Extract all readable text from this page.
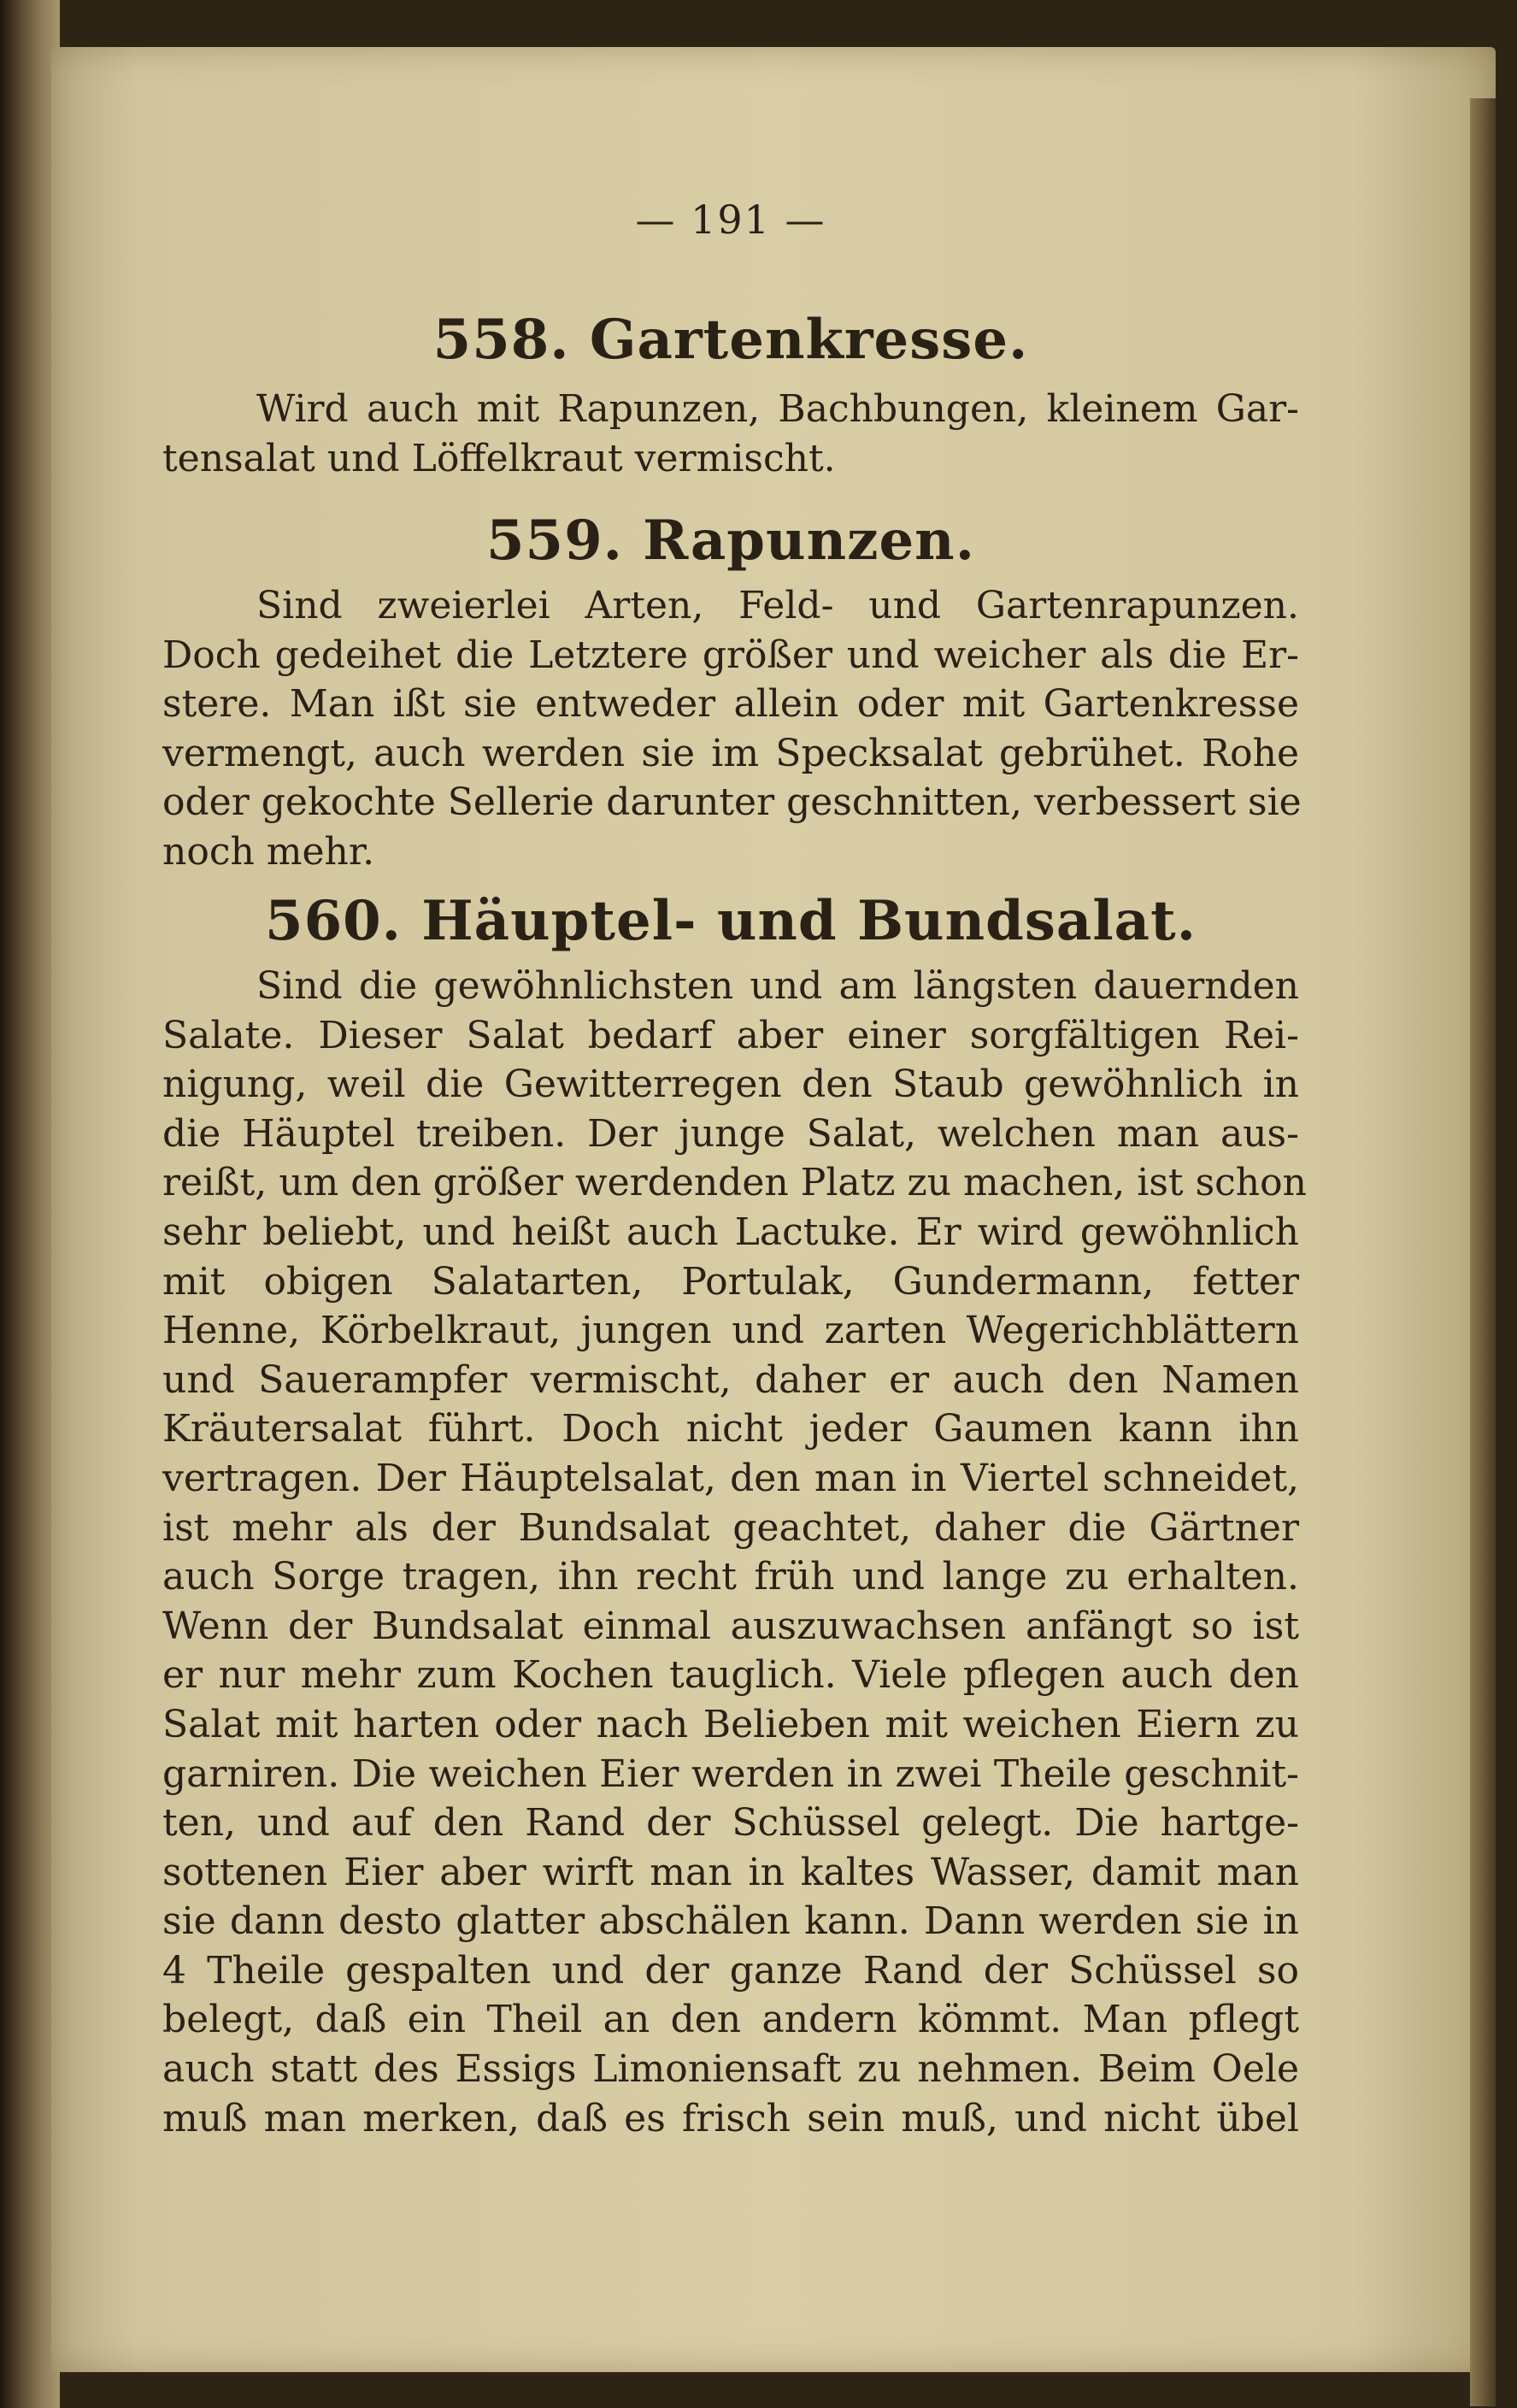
— 191 —
558. Gartenkresse.
Wird auch mit Rapunzen, Bachbungen, kleinem Gar-
tensalat und Löffelkraut vermischt.
559. Rapunzen.
Sind zweierlei Arten, Feld- und Gartenrapunzen.
Doch gedeihet die Letztere größer und weicher als die Er-
stere. Man ißt sie entweder allein oder mit Gartenkresse
vermengt, auch werden sie im Specksalat gebrühet. Rohe
oder gekochte Sellerie darunter geschnitten, verbessert sie
noch mehr.
560. Häuptel- und Bundsalat.
Sind die gewöhnlichsten und am längsten dauernden
Salate. Dieser Salat bedarf aber einer sorgfältigen Rei-
nigung, weil die Gewitterregen den Staub gewöhnlich in
die Häuptel treiben. Der junge Salat, welchen man aus-
reißt, um den größer werdenden Platz zu machen, ist schon
sehr beliebt, und heißt auch Lactuke. Er wird gewöhnlich
mit obigen Salatarten, Portulak, Gundermann, fetter
Henne, Körbelkraut, jungen und zarten Wegerichblättern
und Sauerampfer vermischt, daher er auch den Namen
Kräutersalat führt. Doch nicht jeder Gaumen kann ihn
vertragen. Der Häuptelsalat, den man in Viertel schneidet,
ist mehr als der Bundsalat geachtet, daher die Gärtner
auch Sorge tragen, ihn recht früh und lange zu erhalten.
Wenn der Bundsalat einmal auszuwachsen anfängt so ist
er nur mehr zum Kochen tauglich. Viele pflegen auch den
Salat mit harten oder nach Belieben mit weichen Eiern zu
garniren. Die weichen Eier werden in zwei Theile geschnit-
ten, und auf den Rand der Schüssel gelegt. Die hartge-
sottenen Eier aber wirft man in kaltes Wasser, damit man
sie dann desto glatter abschälen kann. Dann werden sie in
4 Theile gespalten und der ganze Rand der Schüssel so
belegt, daß ein Theil an den andern kömmt. Man pflegt
auch statt des Essigs Limoniensaft zu nehmen. Beim Oele
muß man merken, daß es frisch sein muß, und nicht übel
